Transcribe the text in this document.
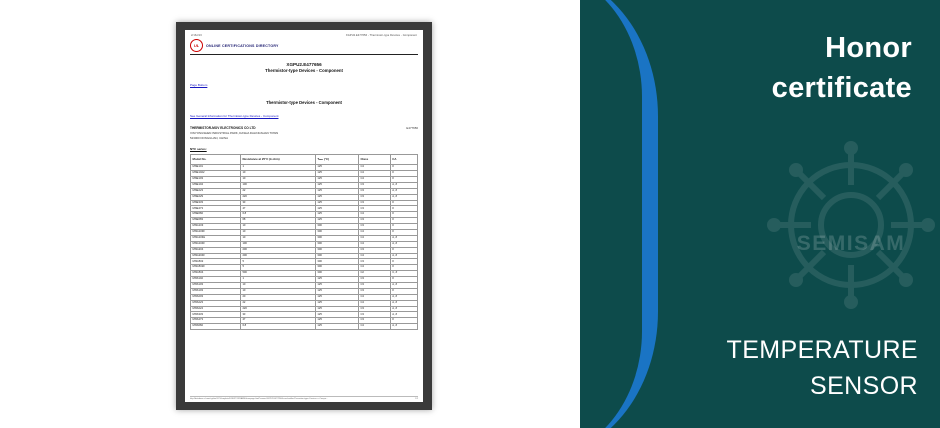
2/16/216	XGPU2.E477656 - Thermistor-type Devices - Component
UL	ONLINE CERTIFICATIONS DIRECTORY
XGPU2.E477656
Thermistor-type Devices - Component
Page Bottom
Thermistor-type Devices - Component
See General Information for Thermistor-type Devices - Component
THERMISTOR-MOV ELECTRONICS CO LTD
XINYONGSHEN INDUSTRIAL PARK, DASHA DALINGSHAN TOWN
523000 DONGGUAN, CHINA
E477656
NTC series:
Model No.	Resistance at 25°C (k ohm)	Tₘₐₓ (°C)	Class	CA
MNE101	1	125	C4	#
MNE1022	10	125	C4	#
MNE103	10	125	C4	#
MNE104	100	125	C3	A, #
MNE223	22	125	C3	A, #
MNE229	220	125	C3	A, #
MNE333	33	125	C3	#
MNE473	47	125	C3	#
MNE682	6.8	125	C4	#
MNE683	68	125	C3	#
MNG103	10	300	C3	#
MNG103F	10	300	C4	#
MNG103H	10	300	C4	A, #
MNG104F	100	300	C4	A, #
MNG204	200	300	C3	#
MNG204F	200	300	C4	A, #
MNG502	5	300	C3	#
MNG502F	5	300	C4	#
MNG504	500	300	C2	C, #
MNS102	1	125	C3	#
MNS103	10	125	C3	A, #
MNS103	10	125	C3	#
MNS203	20	125	C4	A, #
MNS223	22	125	C4	A, #
MNS224	220	125	C3	A, #
MNS333	33	125	C3	A, #
MNS473	47	125	C3	#
MNS682	6.8	125	C4	A, #
http://database.ul.com/cgi-bin/XYV/template/LISEXT/1FRAME/showpage.html?name=XGPU2.E477656&ccnshortitle=Thermistor-type+Devices+-+Compo...	1/2
SEMISAM
Honor
certificate
TEMPERATURE
SENSOR
